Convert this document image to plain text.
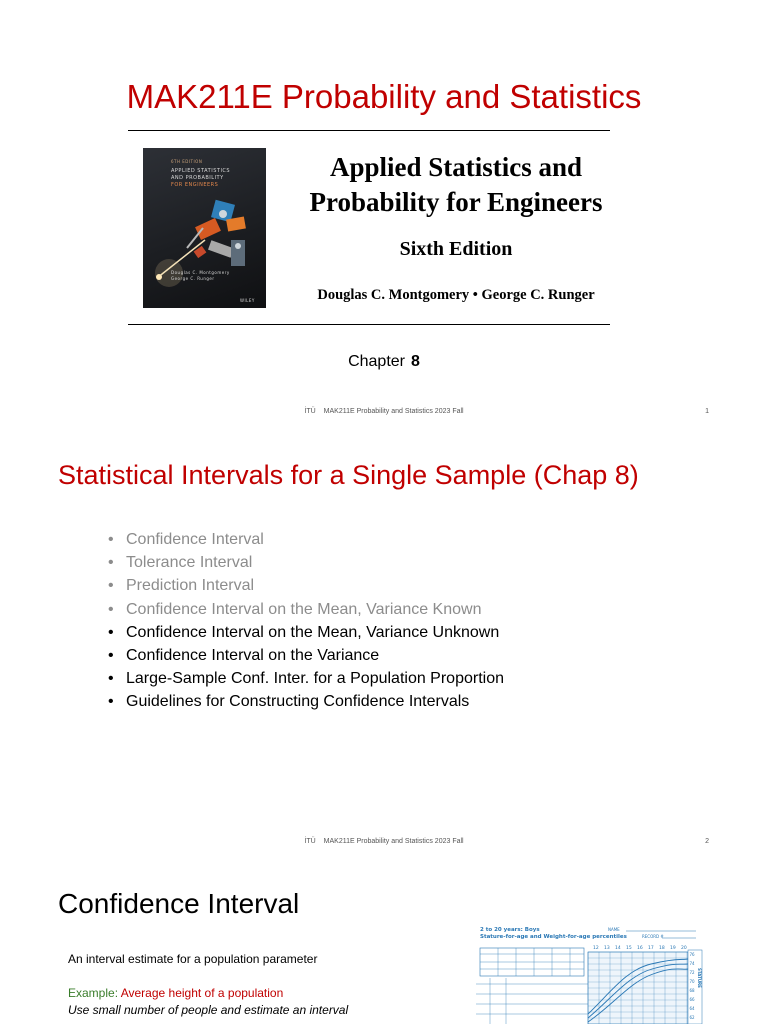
MAK211E Probability and Statistics
6TH EDITION
APPLIED STATISTICS
AND PROBABILITY
FOR ENGINEERS
Douglas C. Montgomery
George C. Runger
WILEY
Applied Statistics and
Probability for Engineers
Sixth Edition
Douglas C. Montgomery • George C. Runger
Chapter 8
İTÜ MAK211E Probability and Statistics 2023 Fall	1
Statistical Intervals for a Single Sample (Chap 8)
• Confidence Interval
• Tolerance Interval
• Prediction Interval
• Confidence Interval on the Mean, Variance Known
• Confidence Interval on the Mean, Variance Unknown
• Confidence Interval on the Variance
• Large-Sample Conf. Inter. for a Population Proportion
• Guidelines for Constructing Confidence Intervals
İTÜ MAK211E Probability and Statistics 2023 Fall	2
Confidence Interval
An interval estimate for a population parameter
Example: Average height of a population
Use small number of people and estimate an interval
2 to 20 years: Boys
Stature-for-age and Weight-for-age percentiles
NAME
RECORD #
12 13 14 15 16 17 18 19 20
STATURE
76
74
72
70
68
66
64
62
